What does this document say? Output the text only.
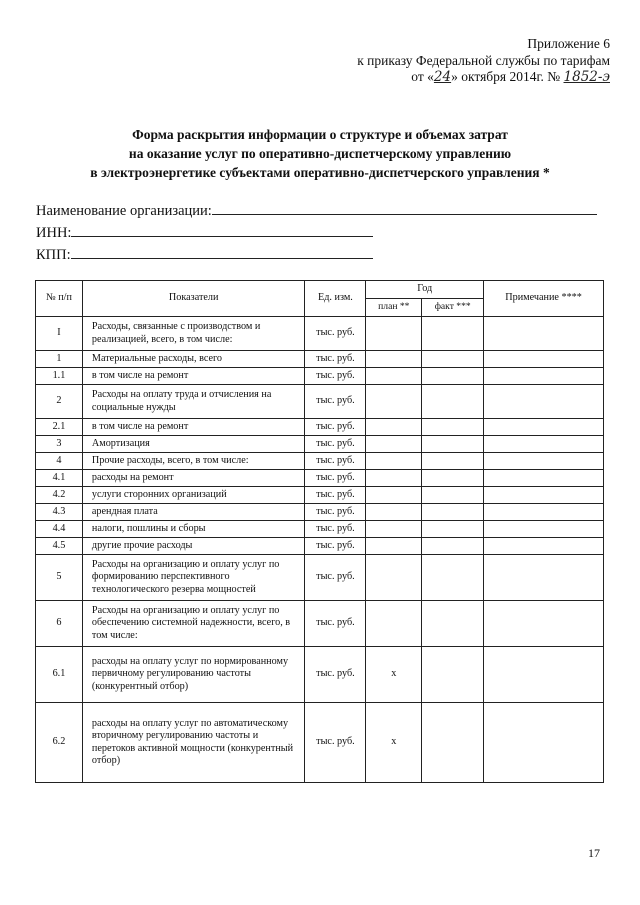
Приложение 6
к приказу Федеральной службы по тарифам
от «24» октября 2014г. № 1852-э
Форма раскрытия информации о структуре и объемах затрат
на оказание услуг по оперативно-диспетчерскому управлению
в электроэнергетике субъектами оперативно-диспетчерского управления *
Наименование организации:
ИНН:
КПП:
№ п/п	Показатели	Ед. изм.	Год		Примечание ****
			план **	факт ***	
I	Расходы, связанные с производством и реализацией, всего, в том числе:	тыс. руб.			
1	Материальные расходы, всего	тыс. руб.			
1.1	в том числе на ремонт	тыс. руб.			
2	Расходы на оплату труда и отчисления на социальные нужды	тыс. руб.			
2.1	в том числе на ремонт	тыс. руб.			
3	Амортизация	тыс. руб.			
4	Прочие расходы, всего, в том числе:	тыс. руб.			
4.1	расходы на ремонт	тыс. руб.			
4.2	услуги сторонних организаций	тыс. руб.			
4.3	арендная плата	тыс. руб.			
4.4	налоги, пошлины и сборы	тыс. руб.			
4.5	другие прочие расходы	тыс. руб.			
5	Расходы на организацию и оплату услуг по формированию перспективного технологического резерва мощностей	тыс. руб.			
6	Расходы на организацию и оплату услуг по обеспечению системной надежности, всего, в том числе:	тыс. руб.			
6.1	расходы на оплату услуг по нормированному первичному регулированию частоты (конкурентный отбор)	тыс. руб.	x		
6.2	расходы на оплату услуг по автоматическому вторичному регулированию частоты и перетоков активной мощности (конкурентный отбор)	тыс. руб.	x		
17
